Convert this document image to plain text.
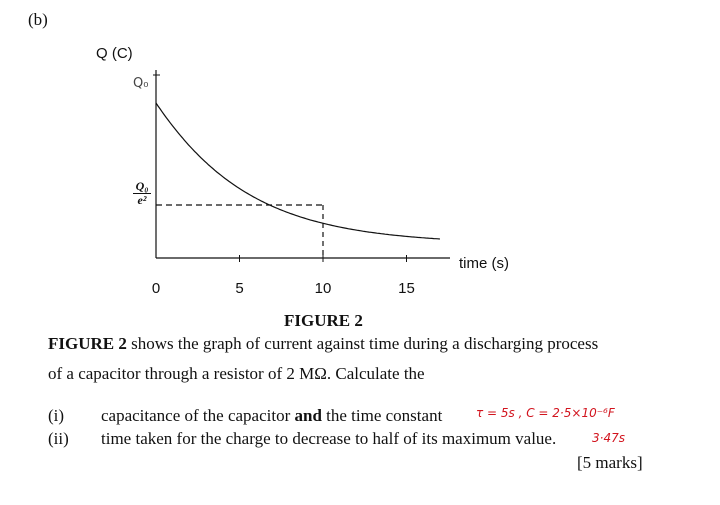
(b)
Q (C)
time (s)
Q₀
$\frac{\text{Q₀}}{\text{e²}}$
0	5	10	15
FIGURE 2
FIGURE 2 shows the graph of current against time during a discharging process
of a capacitor through a resistor of 2 MΩ. Calculate the
(i) capacitance of the capacitor and the time constant	τ = 5s , C = 2·5×10⁻⁶F
(ii) time taken for the charge to decrease to half of its maximum value.	3·47s
[5 marks]
